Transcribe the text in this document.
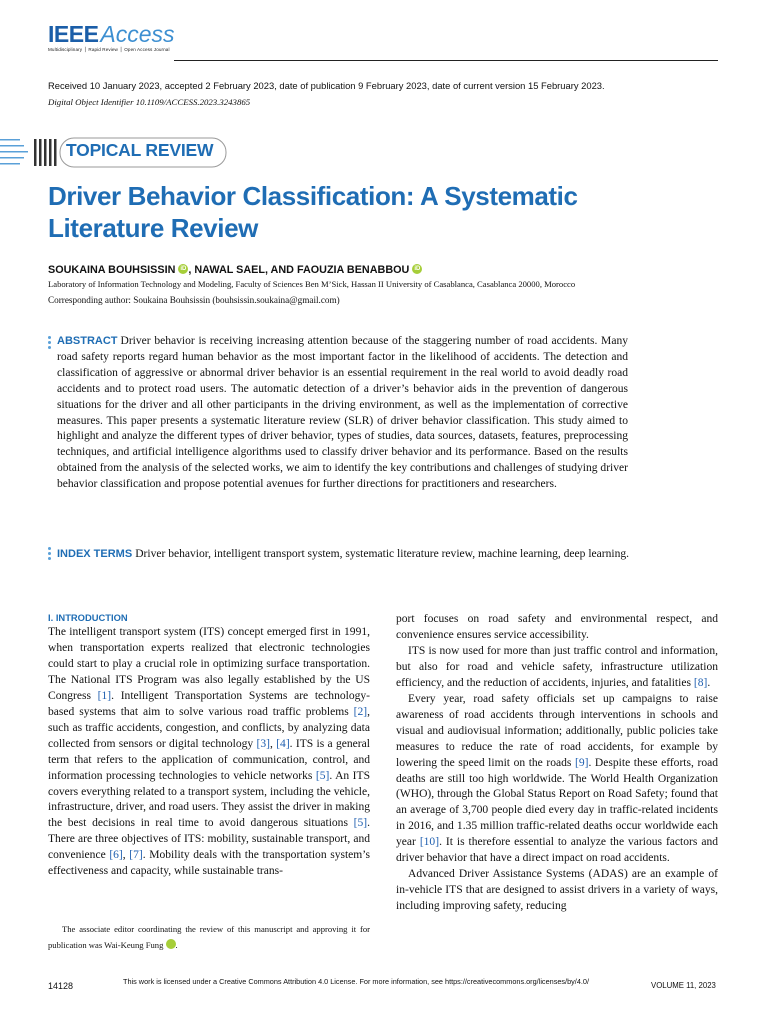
IEEEAccess
Multidisciplinary ⎪ Rapid Review ⎪ Open Access Journal
Received 10 January 2023, accepted 2 February 2023, date of publication 9 February 2023, date of current version 15 February 2023.
Digital Object Identifier 10.1109/ACCESS.2023.3243865
TOPICAL REVIEW
Driver Behavior Classification: A Systematic Literature Review
SOUKAINA BOUHSISSIN iD , NAWAL SAEL, AND FAOUZIA BENABBOU iD
Laboratory of Information Technology and Modeling, Faculty of Sciences Ben M’Sick, Hassan II University of Casablanca, Casablanca 20000, Morocco
Corresponding author: Soukaina Bouhsissin (bouhsissin.soukaina@gmail.com)
ABSTRACT Driver behavior is receiving increasing attention because of the staggering number of road accidents. Many road safety reports regard human behavior as the most important factor in the likelihood of accidents. The detection and classification of aggressive or abnormal driver behavior is an essential requirement in the real world to avoid deadly road accidents and to protect road users. The automatic detection of a driver’s behavior aids in the prevention of dangerous situations for the driver and all other participants in the driving environment, as well as the implementation of corrective measures. This paper presents a systematic literature review (SLR) of driver behavior classification. This study aimed to highlight and analyze the different types of driver behavior, types of studies, data sources, datasets, features, preprocessing techniques, and artificial intelligence algorithms used to classify driver behavior and its performance. Based on the results obtained from the analysis of the selected works, we aim to identify the key contributions and challenges of studying driver behavior classification and propose potential avenues for further directions for practitioners and researchers.
INDEX TERMS Driver behavior, intelligent transport system, systematic literature review, machine learning, deep learning.
I. INTRODUCTION

The intelligent transport system (ITS) concept emerged first in 1991, when transportation experts realized that electronic technologies could start to play a crucial role in optimizing surface transportation. The National ITS Program was also legally established by the US Congress [1]. Intelligent Transportation Systems are technology-based systems that aim to solve various road traffic problems [2], such as traffic accidents, congestion, and conflicts, by analyzing data collected from sensors or digital technology [3], [4]. ITS is a general term that refers to the application of communication, control, and information processing technologies to vehicle networks [5]. An ITS covers everything related to a transport system, including the vehicle, infrastructure, driver, and road users. They assist the driver in making the best decisions in real time to avoid dangerous situations [5]. There are three objectives of ITS: mobility, sustainable transport, and convenience [6], [7]. Mobility deals with the transportation system’s effectiveness and capacity, while sustainable trans-

The associate editor coordinating the review of this manuscript and approving it for publication was Wai-Keung Fung	iD.

port focuses on road safety and environmental respect, and convenience ensures service accessibility.

ITS is now used for more than just traffic control and information, but also for road and vehicle safety, infrastructure utilization efficiency, and the reduction of accidents, injuries, and fatalities [8].

Every year, road safety officials set up campaigns to raise awareness of road accidents through interventions in schools and visual and audiovisual information; additionally, public policies take measures to reduce the rate of road accidents, for example by lowering the speed limit on the roads [9]. Despite these efforts, road deaths are still too high worldwide. The World Health Organization (WHO), through the Global Status Report on Road Safety; found that an average of 3,700 people died every day in traffic-related incidents in 2016, and 1.35 million traffic-related deaths occur worldwide each year [10]. It is therefore essential to analyze the various factors and driver behavior that have a direct impact on road accidents.

Advanced Driver Assistance Systems (ADAS) are an example of in-vehicle ITS that are designed to assist drivers in a variety of ways, including improving safety, reducing

14128	This work is licensed under a Creative Commons Attribution 4.0 License. For more information, see https://creativecommons.org/licenses/by/4.0/	VOLUME 11, 2023
